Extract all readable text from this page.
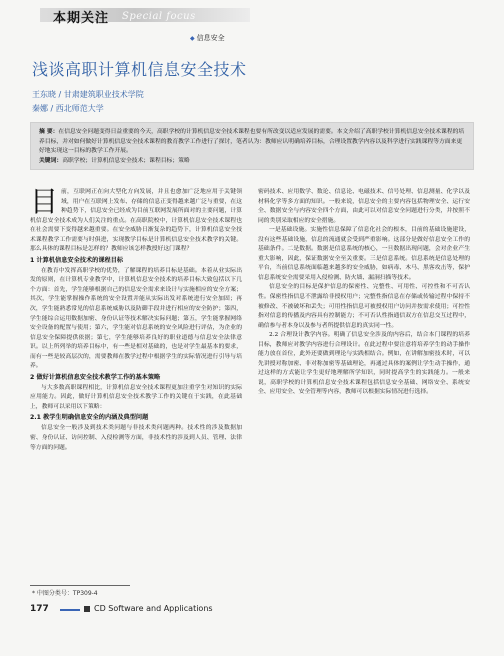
本期关注 Special focus
◆ 信息安全
浅谈高职计算机信息安全技术
王东晓 / 甘肃建筑职业技术学院
秦娜 / 西北师范大学
摘 要：在信息安全问题变得日益重要的今天，高职学校的计算机信息安全技术课程也要有所改变以适应发展的需要。本文介绍了高职学校计算机信息安全技术课程的培养目标，并对如何做好计算机信息安全技术课程的教育教学工作进行了探讨，笔者认为：教师应认明确培养目标，合理设置教学内容以及科学进行实践课程等方面来更好地实现这一目标的教学工作开展。
关键词：高职学校；计算机信息安全技术；课程目标；策略

目前，互联网正在向大型化方向发展，并且也愈加广泛地应用于关键领域，用户在互联网上发布、存储的信息正变得越来越广泛与重要，在这种趋势下，信息安全已经成为目前互联网发展所面对的主要问题，计算机信息安全技术成为人们关注的重点。在高职院校中，计算机信息安全技术课程也在社会需要下变得越来越重要。在安全威胁日渐复杂的趋势下，计算机信息安全技术课程教学工作需要与时俱进，实现教学目标是计算机信息安全技术教学的关键。那么具体的课程目标是怎样的？教师应该怎样教授好这门课程？

1 计算机信息安全技术的课程目标

在教育中发挥高职学校的优势，了解课程的培养目标是基础。本着从业实际出发的原则，在计算机专业教学中，计算机信息安全技术的培养目标大致包括以下几个方面：首先，学生能够根据自己的信息安全需求来设计与实施相应的安全方案；其次，学生能掌握操作系统的安全设置并能从实际出发对系统进行安全加固；再次，学生能熟悉常见的信息系统威胁以及防御手段并进行相应的安全防护；第四，学生能综合运用数据加密、身份认证等技术解决实际问题；第五，学生能掌握网络安全设备的配置与使用；第六，学生能对信息系统的安全风险进行评估，为企业的信息安全保障提供依据；第七，学生能够培养良好的职业道德与信息安全法律意识。以上所列举的培养目标中，有一些是相对基础的，也是对学生最基本的要求，而有一些是较高层次的，需要教师在教学过程中根据学生的实际情况进行引导与培养。

2 做好计算机信息安全技术教学工作的基本策略

与大多数高职课程相比，计算机信息安全技术课程更加注重学生对知识的实际应用能力。因此，做好计算机信息安全技术教学工作的关键在于实践，在此基础上，教师可以采用以下策略：

2.1 教学生明确信息安全的内涵及典型问题

信息安全一般涉及到技术类问题与非技术类问题两种。技术性的涉及数据加密、身份认证、访问控制、入侵检测等方面，非技术性的涉及到人员、管理、法律等方面的问题。

密码技术、应用数学、数论、信息论、电磁技术、信号处理、信息测量、化学以及材料化学等多方面的知识。一般来说，信息安全的主要内容包括物理安全、运行安全、数据安全与内容安全四个方面，由此可以对信息安全问题进行分类，并按照不同的类别采取相应的安全措施。

一是基础设施。实施性信息保障了信息化社会的根本，目前的基础设施建设，没有这些基础设施，信息的流通就会受到严重影响。这部分是做好信息安全工作的基础条件。二是数据。数据是信息系统的核心，一旦数据出现问题，会对企业产生重大影响，因此，保证数据安全至关重要。三是信息系统。信息系统是信息处理的平台，当前信息系统面临越来越多的安全威胁，如病毒、木马、黑客攻击等，保护信息系统安全需要采用入侵检测、防火墙、漏洞扫描等技术。

信息安全的目标是保护信息的保密性、完整性、可用性、可控性和不可否认性。保密性指信息不泄露给非授权用户；完整性指信息在存储或传输过程中保持不被修改、不被破坏和丢失；可用性指信息可被授权用户访问并按需求使用；可控性指对信息的传播及内容具有控制能力；不可否认性指通信双方在信息交互过程中，确信参与者本身以及参与者所提供信息的真实同一性。

2.2 合理设计教学内容。明确了信息安全涉及的内容后，结合本门课程的培养目标，教师应对教学内容进行合理设计。在此过程中要注意将培养学生的动手操作能力放在首位，此外还要做到理论与实践相结合。例如，在讲解加密技术时，可以先讲授对称加密、非对称加密等基础理论，再通过具体的案例让学生动手操作，通过这样的方式能让学生更好地理解所学知识，同时提高学生的实践能力。一般来说，高职学校的计算机信息安全技术课程包括信息安全基础、网络安全、系统安全、应用安全、安全管理等内容，教师可以根据实际情况进行选择。

* 中图分类号：TP309-4
177	CD Software and Applications
